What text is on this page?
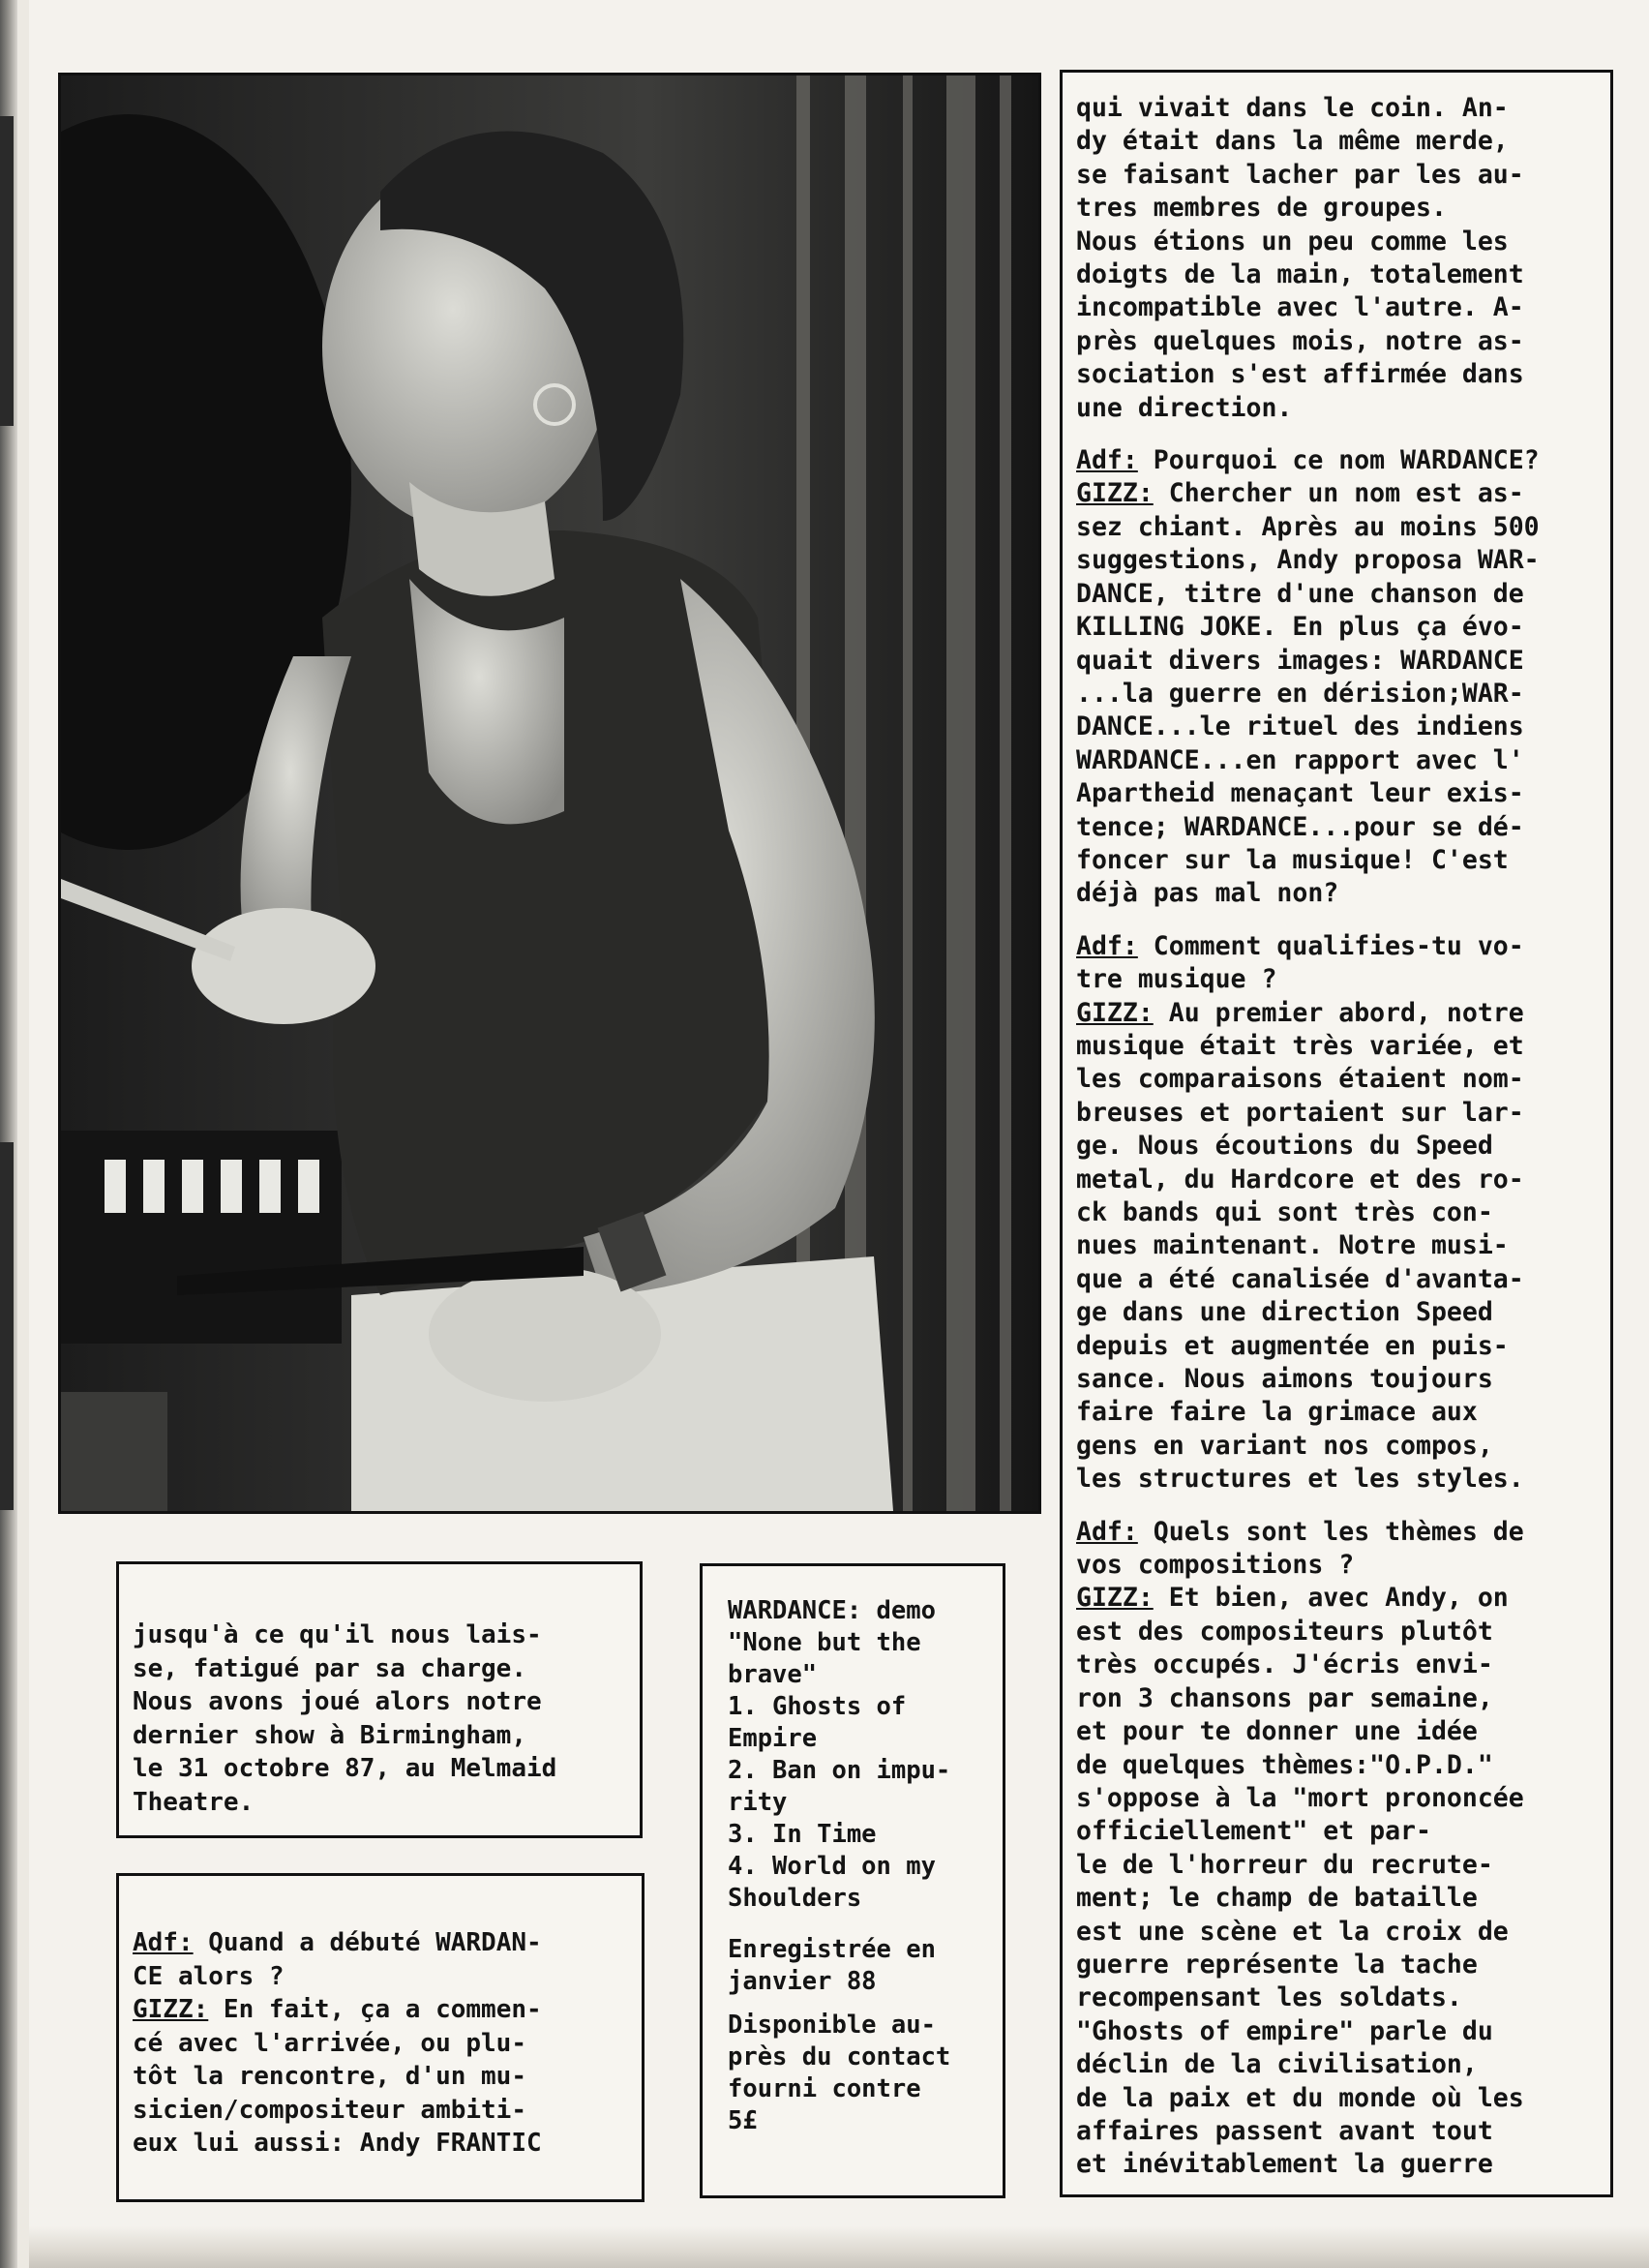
qui vivait dans le coin. An-
dy était dans la même merde,
se faisant lacher par les au-
tres membres de groupes.
Nous étions un peu comme les
doigts de la main, totalement
incompatible avec l'autre. A-
près quelques mois, notre as-
sociation s'est affirmée dans
une direction.
Adf: Pourquoi ce nom WARDANCE?
GIZZ: Chercher un nom est as-
sez chiant. Après au moins 500
suggestions, Andy proposa WAR-
DANCE, titre d'une chanson de
KILLING JOKE. En plus ça évo-
quait divers images: WARDANCE
...la guerre en dérision;WAR-
DANCE...le rituel des indiens
WARDANCE...en rapport avec l'
Apartheid menaçant leur exis-
tence; WARDANCE...pour se dé-
foncer sur la musique! C'est
déjà pas mal non?
Adf: Comment qualifies-tu vo-
tre musique ?
GIZZ: Au premier abord, notre
musique était très variée, et
les comparaisons étaient nom-
breuses et portaient sur lar-
ge. Nous écoutions du Speed
metal, du Hardcore et des ro-
ck bands qui sont très con-
nues maintenant. Notre musi-
que a été canalisée d'avanta-
ge dans une direction Speed
depuis et augmentée en puis-
sance. Nous aimons toujours
faire faire la grimace aux
gens en variant nos compos,
les structures et les styles.
Adf: Quels sont les thèmes de
vos compositions ?
GIZZ: Et bien, avec Andy, on
est des compositeurs plutôt
très occupés. J'écris envi-
ron 3 chansons par semaine,
et pour te donner une idée
de quelques thèmes:"O.P.D."
s'oppose à la "mort prononcée
officiellement" et par-
le de l'horreur du recrute-
ment; le champ de bataille
est une scène et la croix de
guerre représente la tache
recompensant les soldats.
"Ghosts of empire" parle du
déclin de la civilisation,
de la paix et du monde où les
affaires passent avant tout
et inévitablement la guerre
jusqu'à ce qu'il nous lais-
se, fatigué par sa charge.
Nous avons joué alors notre
dernier show à Birmingham,
le 31 octobre 87, au Melmaid
Theatre.
Adf: Quand a débuté WARDAN-
CE alors ?
GIZZ: En fait, ça a commen-
cé avec l'arrivée, ou plu-
tôt la rencontre, d'un mu-
sicien/compositeur ambiti-
eux lui aussi: Andy FRANTIC
WARDANCE: demo
"None but the
brave"
1. Ghosts of
Empire
2. Ban on impu-
rity
3. In Time
4. World on my
Shoulders
Enregistrée en
janvier 88
Disponible au-
près du contact
fourni contre
5£
